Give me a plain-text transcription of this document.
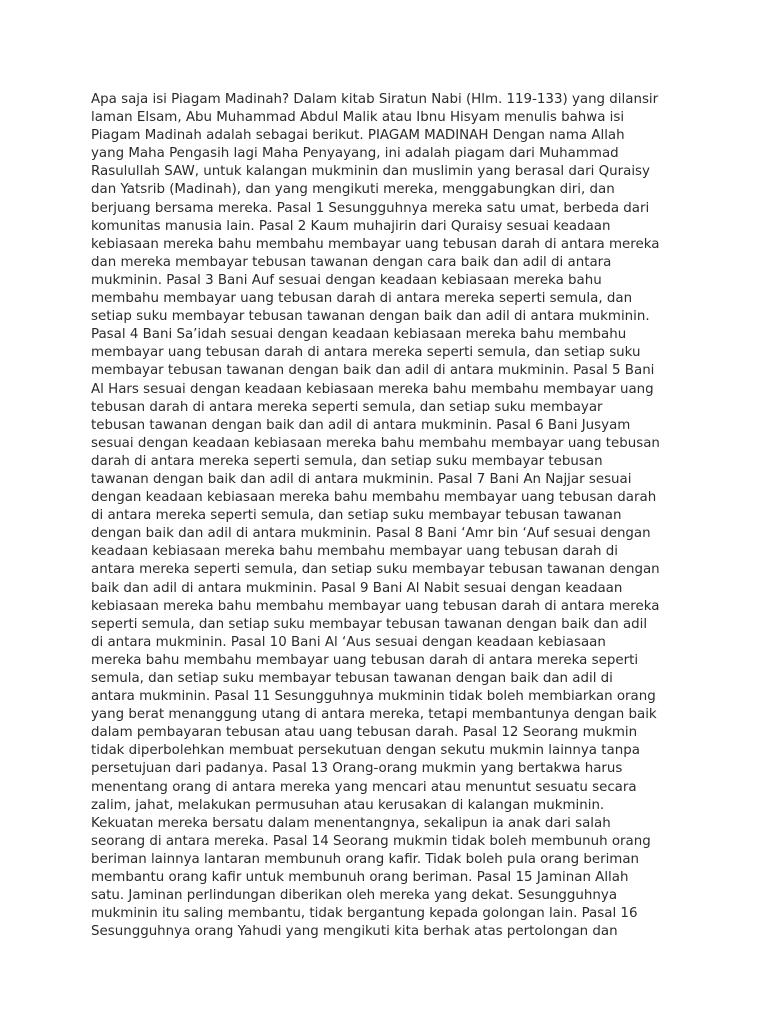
Apa saja isi Piagam Madinah? Dalam kitab Siratun Nabi (Hlm. 119-133) yang dilansir
laman Elsam, Abu Muhammad Abdul Malik atau Ibnu Hisyam menulis bahwa isi
Piagam Madinah adalah sebagai berikut. PIAGAM MADINAH Dengan nama Allah
yang Maha Pengasih lagi Maha Penyayang, ini adalah piagam dari Muhammad
Rasulullah SAW, untuk kalangan mukminin dan muslimin yang berasal dari Quraisy
dan Yatsrib (Madinah), dan yang mengikuti mereka, menggabungkan diri, dan
berjuang bersama mereka. Pasal 1 Sesungguhnya mereka satu umat, berbeda dari
komunitas manusia lain. Pasal 2 Kaum muhajirin dari Quraisy sesuai keadaan
kebiasaan mereka bahu membahu membayar uang tebusan darah di antara mereka
dan mereka membayar tebusan tawanan dengan cara baik dan adil di antara
mukminin. Pasal 3 Bani Auf sesuai dengan keadaan kebiasaan mereka bahu
membahu membayar uang tebusan darah di antara mereka seperti semula, dan
setiap suku membayar tebusan tawanan dengan baik dan adil di antara mukminin.
Pasal 4 Bani Sa’idah sesuai dengan keadaan kebiasaan mereka bahu membahu
membayar uang tebusan darah di antara mereka seperti semula, dan setiap suku
membayar tebusan tawanan dengan baik dan adil di antara mukminin. Pasal 5 Bani
Al Hars sesuai dengan keadaan kebiasaan mereka bahu membahu membayar uang
tebusan darah di antara mereka seperti semula, dan setiap suku membayar
tebusan tawanan dengan baik dan adil di antara mukminin. Pasal 6 Bani Jusyam
sesuai dengan keadaan kebiasaan mereka bahu membahu membayar uang tebusan
darah di antara mereka seperti semula, dan setiap suku membayar tebusan
tawanan dengan baik dan adil di antara mukminin. Pasal 7 Bani An Najjar sesuai
dengan keadaan kebiasaan mereka bahu membahu membayar uang tebusan darah
di antara mereka seperti semula, dan setiap suku membayar tebusan tawanan
dengan baik dan adil di antara mukminin. Pasal 8 Bani ‘Amr bin ‘Auf sesuai dengan
keadaan kebiasaan mereka bahu membahu membayar uang tebusan darah di
antara mereka seperti semula, dan setiap suku membayar tebusan tawanan dengan
baik dan adil di antara mukminin. Pasal 9 Bani Al Nabit sesuai dengan keadaan
kebiasaan mereka bahu membahu membayar uang tebusan darah di antara mereka
seperti semula, dan setiap suku membayar tebusan tawanan dengan baik dan adil
di antara mukminin. Pasal 10 Bani Al ‘Aus sesuai dengan keadaan kebiasaan
mereka bahu membahu membayar uang tebusan darah di antara mereka seperti
semula, dan setiap suku membayar tebusan tawanan dengan baik dan adil di
antara mukminin. Pasal 11 Sesungguhnya mukminin tidak boleh membiarkan orang
yang berat menanggung utang di antara mereka, tetapi membantunya dengan baik
dalam pembayaran tebusan atau uang tebusan darah. Pasal 12 Seorang mukmin
tidak diperbolehkan membuat persekutuan dengan sekutu mukmin lainnya tanpa
persetujuan dari padanya. Pasal 13 Orang-orang mukmin yang bertakwa harus
menentang orang di antara mereka yang mencari atau menuntut sesuatu secara
zalim, jahat, melakukan permusuhan atau kerusakan di kalangan mukminin.
Kekuatan mereka bersatu dalam menentangnya, sekalipun ia anak dari salah
seorang di antara mereka. Pasal 14 Seorang mukmin tidak boleh membunuh orang
beriman lainnya lantaran membunuh orang kafir. Tidak boleh pula orang beriman
membantu orang kafir untuk membunuh orang beriman. Pasal 15 Jaminan Allah
satu. Jaminan perlindungan diberikan oleh mereka yang dekat. Sesungguhnya
mukminin itu saling membantu, tidak bergantung kepada golongan lain. Pasal 16
Sesungguhnya orang Yahudi yang mengikuti kita berhak atas pertolongan dan
